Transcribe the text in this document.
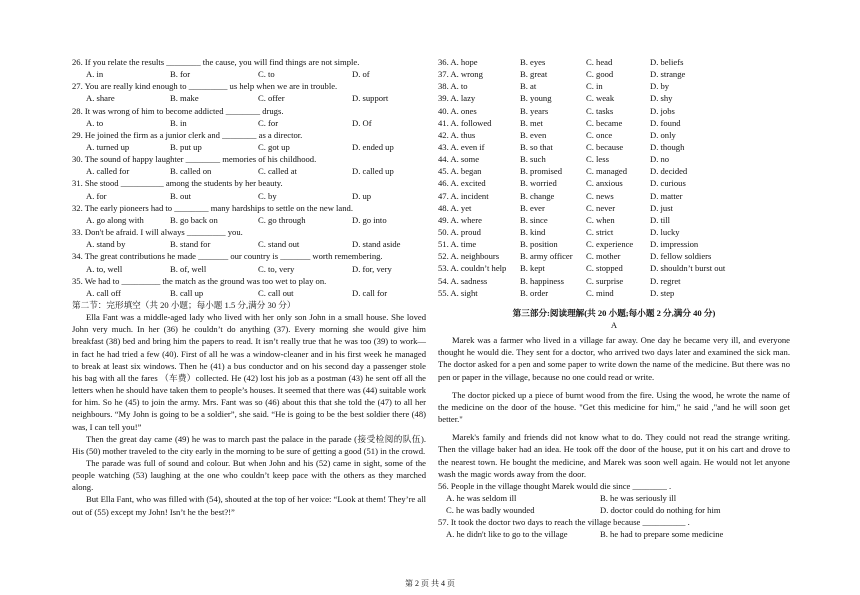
26. If you relate the results ________ the cause, you will find things are not simple.
A. in	B. for	C. to	D. of
27. You are really kind enough to _________ us help when we are in trouble.
A. share	B. make	C. offer	D. support
28. It was wrong of him to become addicted ________ drugs.
A. to	B. in	C. for	D. Of
29. He joined the firm as a junior clerk and ________ as a director.
A. turned up	B. put up	C. got up	D. ended up
30. The sound of happy laughter ________ memories of his childhood.
A. called for	B. called on	C. called at	D. called up
31. She stood __________ among the students by her beauty.
A. for	B. out	C. by	D. up
32. The early pioneers had to ________ many hardships to settle on the new land.
A. go along with	B. go back on	C. go through	D. go into
33. Don't be afraid. I will always _________ you.
A. stand by	B. stand for	C. stand out	D. stand aside
34. The great contributions he made _______ our country is _______ worth remembering.
A. to, well	B. of, well	C. to, very	D. for, very
35. We had to _________ the match as the ground was too wet to play on.
A. call off	B. call up	C. call out	D. call for
第二节：完形填空（共 20 小题；每小题 1.5 分,满分 30 分）

Ella Fant was a middle-aged lady who lived with her only son John in a small house. She loved John very much. In her (36) he couldn’t do anything (37). Every morning she would give him breakfast (38) bed and bring him the papers to read. It isn’t really true that he was too (39) to work—in fact he had tried a few (40). First of all he was a window-cleaner and in his first week he managed to break at least six windows. Then he (41) a bus conductor and on his second day a passenger stole his bag with all the fares （车费）collected. He (42) lost his job as a postman (43) he sent off all the letters when he should have taken them to people’s houses. It seemed that there was (44) suitable work for him. So he (45) to join the army. Mrs. Fant was so (46) about this that she told the (47) to all her neighbours. “My John is going to be a soldier”, she said. “He is going to be the best soldier there (48) was, I can tell you!”

Then the great day came (49) he was to march past the palace in the parade (接受检阅的队伍). His (50) mother traveled to the city early in the morning to be sure of getting a good (51) in the crowd.

The parade was full of sound and colour. But when John and his (52) came in sight, some of the people watching (53) laughing at the one who couldn’t keep pace with the others as they marched along.

But Ella Fant, who was filled with (54), shouted at the top of her voice: “Look at them! They’re all out of (55) except my John! Isn’t he the best?!”

36. A. hope	B. eyes	C. head	D. beliefs
37. A. wrong	B. great	C. good	D. strange
38. A. to	B. at	C. in	D. by
39. A. lazy	B. young	C. weak	D. shy
40. A. ones	B. years	C. tasks	D. jobs
41. A. followed	B. met	C. became	D. found
42. A. thus	B. even	C. once	D. only
43. A. even if	B. so that	C. because	D. though
44. A. some	B. such	C. less	D. no
45. A. began	B. promised	C. managed	D. decided
46. A. excited	B. worried	C. anxious	D. curious
47. A. incident	B. change	C. news	D. matter
48. A. yet	B. ever	C. never	D. just
49. A. where	B. since	C. when	D. till
50. A. proud	B. kind	C. strict	D. lucky
51. A. time	B. position	C. experience D. impression
52. A. neighbours B. army officer C. mother	D. fellow soldiers
53. A. couldn’t help B. kept	C. stopped	D. shouldn’t burst out
54. A. sadness	B. happiness	C. surprise	D. regret
55. A. sight	B. order	C. mind	D. step
第三部分:阅读理解(共 20 小题;每小题 2 分,满分 40 分)
A

Marek was a farmer who lived in a village far away. One day he became very ill, and everyone thought he would die. They sent for a doctor, who arrived two days later and examined the sick man. The doctor asked for a pen and some paper to write down the name of the medicine. But there was no pen or paper in the village, because no one could read or write.

The doctor picked up a piece of burnt wood from the fire. Using the wood, he wrote the name of the medicine on the door of the house. "Get this medicine for him," he said ,"and he will soon get better."

Marek's family and friends did not know what to do. They could not read the strange writing. Then the village baker had an idea. He took off the door of the house, put it on his cart and drove to the nearest town. He bought the medicine, and Marek was soon well again. He would not let anyone wash the magic words away from the door.

56. People in the village thought Marek would die since ________ .
A. he was seldom ill	B. he was seriously ill
C. he was badly wounded	D. doctor could do nothing for him
57. It took the doctor two days to reach the village because __________ .
A. he didn't like to go to the village	B. he had to prepare some medicine
第 2 页 共 4 页
